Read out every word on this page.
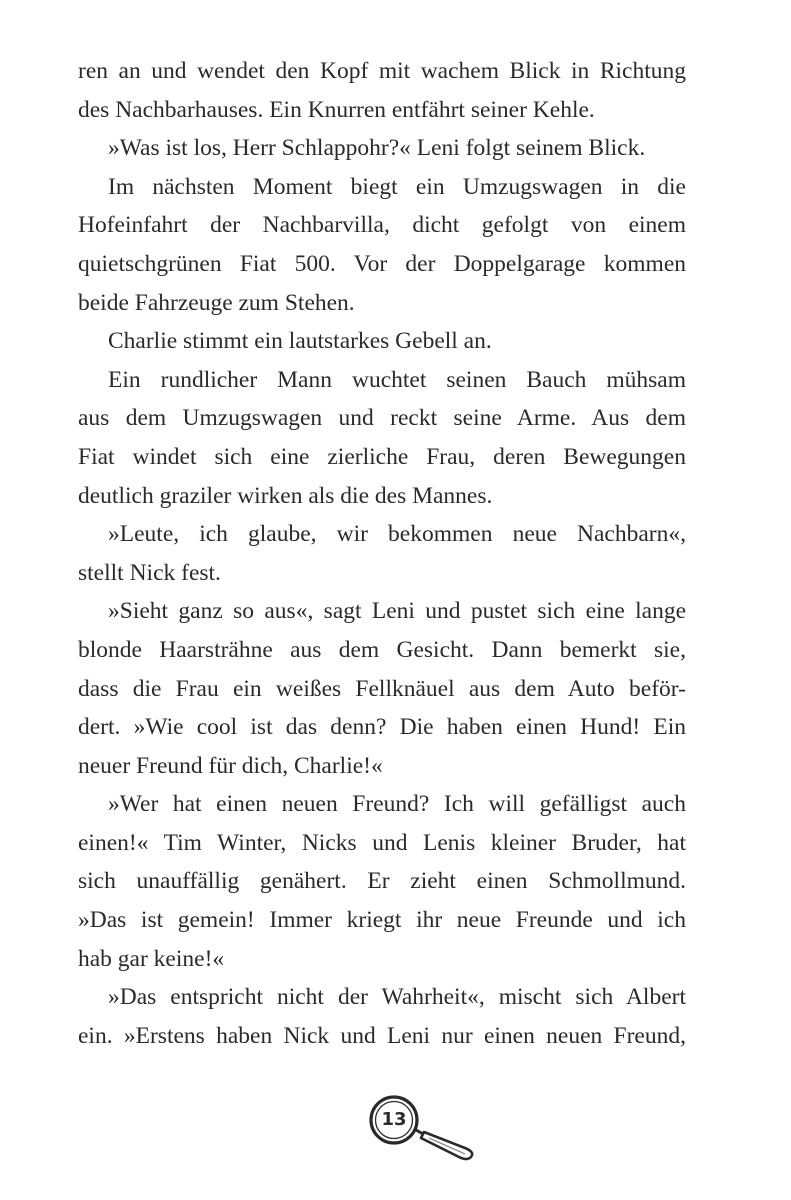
ren an und wendet den Kopf mit wachem Blick in Richtung
des Nachbarhauses. Ein Knurren entfährt seiner Kehle.
»Was ist los, Herr Schlappohr?« Leni folgt seinem Blick.
Im nächsten Moment biegt ein Umzugswagen in die
Hofeinfahrt der Nachbarvilla, dicht gefolgt von einem
quietschgrünen Fiat 500. Vor der Doppelgarage kommen
beide Fahrzeuge zum Stehen.
Charlie stimmt ein lautstarkes Gebell an.
Ein rundlicher Mann wuchtet seinen Bauch mühsam
aus dem Umzugswagen und reckt seine Arme. Aus dem
Fiat windet sich eine zierliche Frau, deren Bewegungen
deutlich graziler wirken als die des Mannes.
»Leute, ich glaube, wir bekommen neue Nachbarn«,
stellt Nick fest.
»Sieht ganz so aus«, sagt Leni und pustet sich eine lange
blonde Haarsträhne aus dem Gesicht. Dann bemerkt sie,
dass die Frau ein weißes Fellknäuel aus dem Auto beför-
dert. »Wie cool ist das denn? Die haben einen Hund! Ein
neuer Freund für dich, Charlie!«
»Wer hat einen neuen Freund? Ich will gefälligst auch
einen!« Tim Winter, Nicks und Lenis kleiner Bruder, hat
sich unauffällig genähert. Er zieht einen Schmollmund.
»Das ist gemein! Immer kriegt ihr neue Freunde und ich
hab gar keine!«
»Das entspricht nicht der Wahrheit«, mischt sich Albert
ein. »Erstens haben Nick und Leni nur einen neuen Freund,
13
